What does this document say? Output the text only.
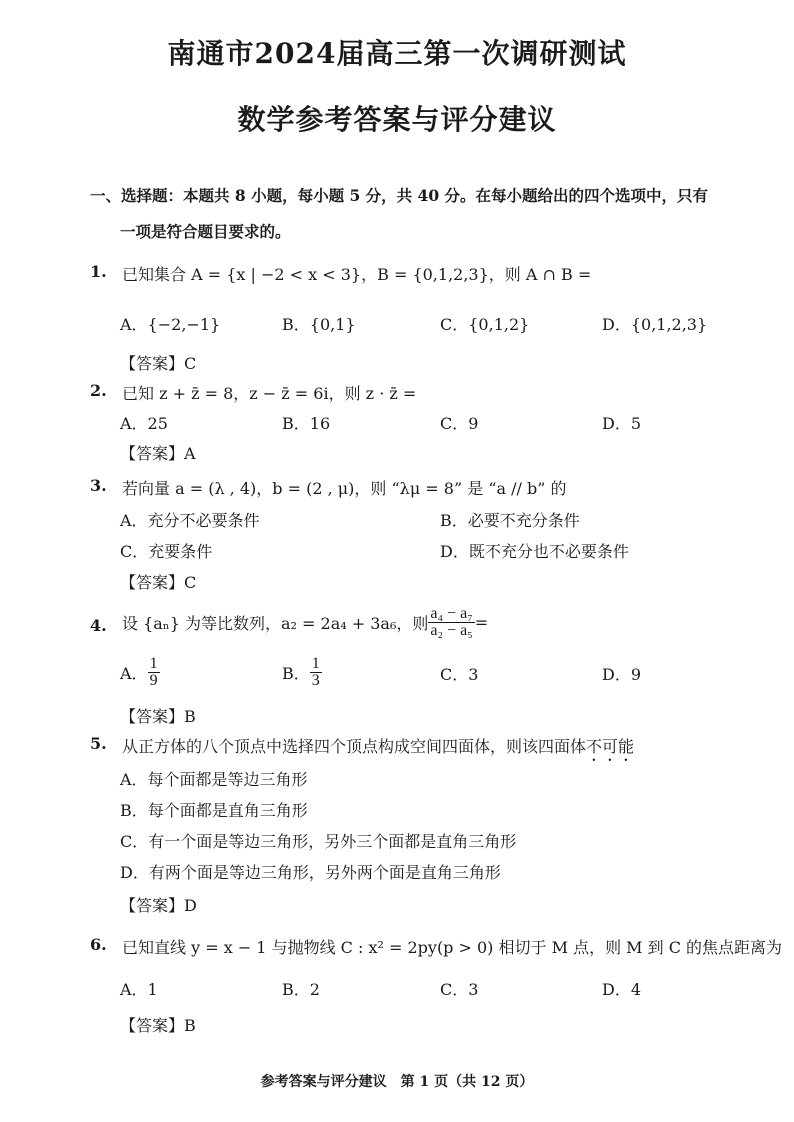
南通市2024届高三第一次调研测试
数学参考答案与评分建议
一、选择题：本题共 8 小题，每小题 5 分，共 40 分。在每小题给出的四个选项中，只有
一项是符合题目要求的。
1. 已知集合 A = {x | −2 < x < 3}，B = {0,1,2,3}，则 A ∩ B =
A．{−2,−1}	B．{0,1}	C．{0,1,2}	D．{0,1,2,3}
【答案】C
2. 已知 z + z̄ = 8，z − z̄ = 6i，则 z · z̄ =
A．25	B．16	C．9	D．5
【答案】A
3. 若向量 a = (λ , 4)，b = (2 , μ)，则 “λμ = 8” 是 “a // b” 的
A．充分不必要条件	B．必要不充分条件
C．充要条件	D．既不充分也不必要条件
【答案】C
4. 设 {aₙ} 为等比数列，a₂ = 2a₄ + 3a₆，则 $\frac{\text{a₄ − a₇}}{\text{a₂ − a₅}}$ =
A． $\frac{1}{9}$	B． $\frac{1}{3}$	C．3	D．9
【答案】B
5. 从正方体的八个顶点中选择四个顶点构成空间四面体，则该四面体不可能
A．每个面都是等边三角形
B．每个面都是直角三角形
C．有一个面是等边三角形，另外三个面都是直角三角形
D．有两个面是等边三角形，另外两个面是直角三角形
【答案】D
6. 已知直线 y = x − 1 与抛物线 C : x² = 2py(p > 0) 相切于 M 点，则 M 到 C 的焦点距离为
A．1	B．2	C．3	D．4
【答案】B
参考答案与评分建议　第 1 页（共 12 页）
